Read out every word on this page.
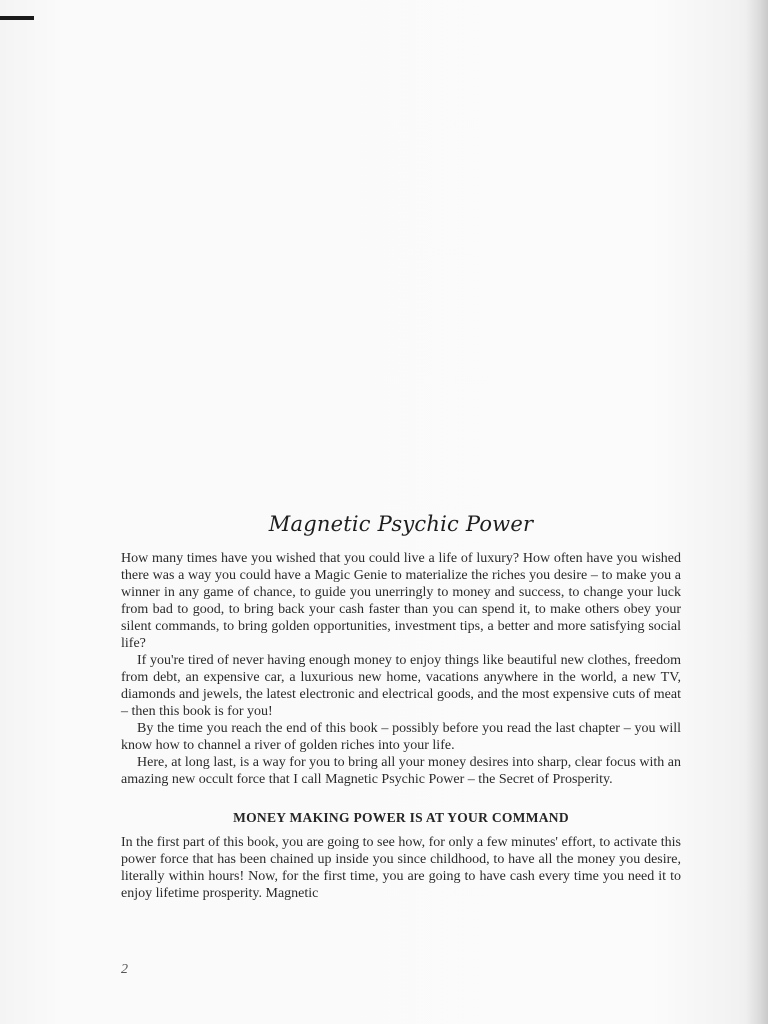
Magnetic Psychic Power

How many times have you wished that you could live a life of luxury? How often have you wished there was a way you could have a Magic Genie to materialize the riches you desire – to make you a winner in any game of chance, to guide you unerringly to money and success, to change your luck from bad to good, to bring back your cash faster than you can spend it, to make others obey your silent commands, to bring golden opportunities, investment tips, a better and more satisfying social life?

If you're tired of never having enough money to enjoy things like beautiful new clothes, freedom from debt, an expensive car, a luxurious new home, vacations anywhere in the world, a new TV, diamonds and jewels, the latest electronic and electrical goods, and the most expensive cuts of meat – then this book is for you!

By the time you reach the end of this book – possibly before you read the last chapter – you will know how to channel a river of golden riches into your life.

Here, at long last, is a way for you to bring all your money desires into sharp, clear focus with an amazing new occult force that I call Magnetic Psychic Power – the Secret of Prosperity.

MONEY MAKING POWER IS AT YOUR COMMAND

In the first part of this book, you are going to see how, for only a few minutes' effort, to activate this power force that has been chained up inside you since childhood, to have all the money you desire, literally within hours! Now, for the first time, you are going to have cash every time you need it to enjoy lifetime prosperity. Magnetic

2
